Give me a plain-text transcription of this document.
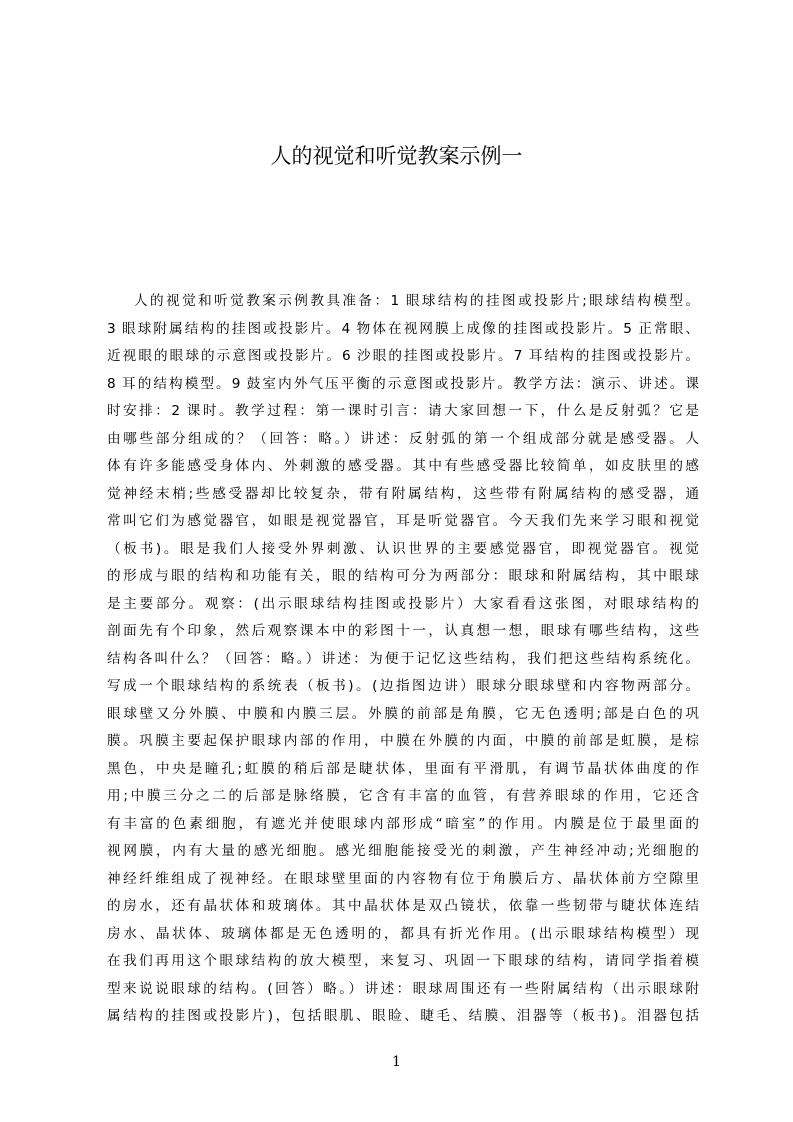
人的视觉和听觉教案示例一
人的视觉和听觉教案示例教具准备：1 眼球结构的挂图或投影片;眼球结构模型。
3 眼球附属结构的挂图或投影片。4 物体在视网膜上成像的挂图或投影片。5 正常眼、
近视眼的眼球的示意图或投影片。6 沙眼的挂图或投影片。7 耳结构的挂图或投影片。
8 耳的结构模型。9 鼓室内外气压平衡的示意图或投影片。教学方法：演示、讲述。课
时安排：2 课时。教学过程：第一课时引言：请大家回想一下，什么是反射弧？它是
由哪些部分组成的？（回答：略。）讲述：反射弧的第一个组成部分就是感受器。人
体有许多能感受身体内、外刺激的感受器。其中有些感受器比较简单，如皮肤里的感
觉神经末梢;些感受器却比较复杂，带有附属结构，这些带有附属结构的感受器，通
常叫它们为感觉器官，如眼是视觉器官，耳是听觉器官。今天我们先来学习眼和视觉
（板书)。眼是我们人接受外界刺激、认识世界的主要感觉器官，即视觉器官。视觉
的形成与眼的结构和功能有关，眼的结构可分为两部分：眼球和附属结构，其中眼球
是主要部分。观察：(出示眼球结构挂图或投影片）大家看看这张图，对眼球结构的
剖面先有个印象，然后观察课本中的彩图十一，认真想一想，眼球有哪些结构，这些
结构各叫什么？（回答：略。）讲述：为便于记忆这些结构，我们把这些结构系统化。
写成一个眼球结构的系统表（板书)。(边指图边讲）眼球分眼球壁和内容物两部分。
眼球壁又分外膜、中膜和内膜三层。外膜的前部是角膜，它无色透明;部是白色的巩
膜。巩膜主要起保护眼球内部的作用，中膜在外膜的内面，中膜的前部是虹膜，是棕
黑色，中央是瞳孔;虹膜的稍后部是睫状体，里面有平滑肌，有调节晶状体曲度的作
用;中膜三分之二的后部是脉络膜，它含有丰富的血管，有营养眼球的作用，它还含
有丰富的色素细胞，有遮光并使眼球内部形成“暗室”的作用。内膜是位于最里面的
视网膜，内有大量的感光细胞。感光细胞能接受光的刺激，产生神经冲动;光细胞的
神经纤维组成了视神经。在眼球壁里面的内容物有位于角膜后方、晶状体前方空隙里
的房水，还有晶状体和玻璃体。其中晶状体是双凸镜状，依靠一些韧带与睫状体连结
房水、晶状体、玻璃体都是无色透明的，都具有折光作用。(出示眼球结构模型）现
在我们再用这个眼球结构的放大模型，来复习、巩固一下眼球的结构，请同学指着模
型来说说眼球的结构。(回答）略。）讲述：眼球周围还有一些附属结构（出示眼球附
属结构的挂图或投影片)，包括眼肌、眼睑、睫毛、结膜、泪器等（板书)。泪器包括
1
